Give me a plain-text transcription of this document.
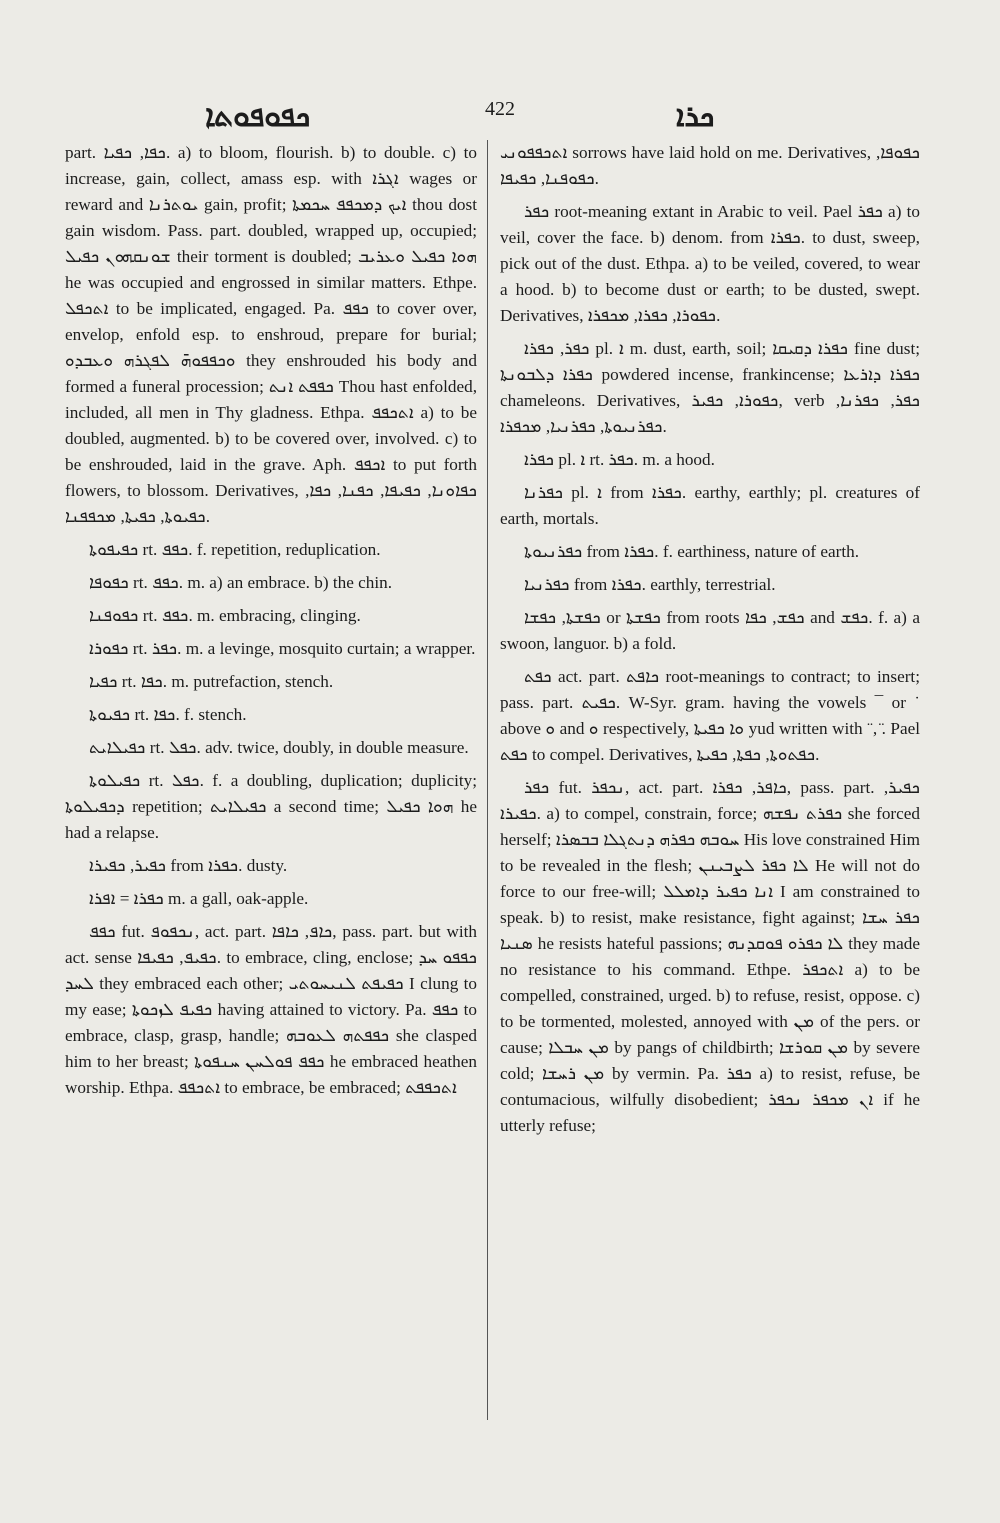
ܟܦܘܦܘܬܐ	422	ܟܪܐ

part. ܟܦܐ, ܟܦܝܐ. a) to bloom, flourish. b) to double. c) to increase, gain, collect, amass esp. with ܐܓܪܐ wages or reward and ܝܘܬܪܢܐ gain, profit; ܐܝܟ ܕܡܟܦܦ ܚܟܡܬܐ thou dost gain wisdom. Pass. part. doubled, wrapped up, occupied; ܫܘܢܩܗܘܢ ܟܦܝܠ their torment is doubled; ܗܘܐ ܟܦܝܠ ܘܥܪܝܒ he was occupied and engrossed in similar matters. Ethpe. ܐܬܟܦܠ to be implicated, engaged. Pa. ܟܦܦ to cover over, envelop, enfold esp. to enshroud, prepare for burial; ܘܟܦܦܘܗ̄ ܠܦܓܪܗ ܘܥܒܕܘ they enshrouded his body and formed a funeral procession; ܟܦܦܬ ܐܢܬ Thou hast enfolded, included, all men in Thy gladness. Ethpa. ܐܬܟܦܦ a) to be doubled, augmented. b) to be covered over, involved. c) to be enshrouded, laid in the grave. Aph. ܐܟܦܦ to put forth flowers, to blossom. Derivatives, ܟܦܐܘܢܐ, ܟܦܝܦܐ, ܟܦܢܐ, ܟܦܐ, ܟܦܝܘܬܐ, ܟܦܝܬܐ, ܡܟܦܦܢܐ.

ܟܦܝܦܘܬܐ rt. ܟܦܦ. f. repetition, reduplication.

ܟܦܘܦܐ rt. ܟܦܦ. m. a) an embrace. b) the chin.

ܟܦܘܦܢܐ rt. ܟܦܦ. m. embracing, clinging.

ܟܦܘܪܐ rt. ܟܦܪ. m. a levinge, mosquito curtain; a wrapper.

ܟܦܝܐ rt. ܟܦܐ. m. putrefaction, stench.

ܟܦܝܘܬܐ rt. ܟܦܐ. f. stench.

ܟܦܝܠܐܝܬ rt. ܟܦܠ. adv. twice, doubly, in double measure.

ܟܦܝܠܘܬܐ rt. ܟܦܠ. f. a doubling, duplication; duplicity; ܕܟܦܝܠܘܬܐ repetition; ܟܦܝܠܐܝܬ a second time; ܗܘܐ ܟܦܝܠ he had a relapse.

ܟܦܝܪ, ܟܦܝܪܐ from ܟܦܪܐ. dusty.

ܟܦܪܐ = ܐܦܪܐ m. a gall, oak-apple.

ܟܦܦ fut. ܢܟܦܘܦ, act. part. ܟܐܦ, ܟܐܦܐ, pass. part. but with act. sense ܟܦܝܦ, ܟܦܝܦܐ. to embrace, cling, enclose; ܟܦܦܘ ܚܕ ܠܚܕ they embraced each other; ܟܦܝܦܬ ܠܢܝܚܘܬܝ I clung to my ease; ܟܦܝܦ ܠܙܟܘܬܐ having attained to victory. Pa. ܟܦܦ to embrace, clasp, grasp, handle; ܟܦܦܬܗ ܠܥܘܒܗ she clasped him to her breast; ܟܦܦ ܦܘܠܚܢ ܚܢܦܘܬܐ he embraced heathen worship. Ethpa. ܐܬܟܦܦ to embrace, be embraced; ܐܬܟܦܦܬ

ܐܬܟܦܦܘܢܝ sorrows have laid hold on me. Derivatives, ܟܦܘܦܐ, ܟܦܘܦܢܐ, ܟܦܝܦܐ.

ܟܦܪ root-meaning extant in Arabic to veil. Pael ܟܦܪ a) to veil, cover the face. b) denom. from ܟܦܪܐ. to dust, sweep, pick out of the dust. Ethpa. a) to be veiled, covered, to wear a hood. b) to become dust or earth; to be dusted, swept. Derivatives, ܟܦܘܪܐ, ܟܦܪܐ, ܡܟܦܪܐ.

ܟܦܪ, ܟܦܪܐ pl. ܐ m. dust, earth, soil; ܟܦܪܐ ܕܩܝܩܐ fine dust; ܟܦܪܐ ܕܠܒܘܢܬܐ powdered incense, frankincense; ܟܦܪܐ ܕܐܪܥܐ chameleons. Derivatives, ܟܦܘܪܐ, ܟܦܝܪ, verb ܟܦܪ, ܟܦܪܢܐ, ܟܦܪܢܝܘܬܐ, ܟܦܪܢܝܐ, ܡܟܦܪܐ.

ܟܦܪܐ pl. ܐ rt. ܟܦܪ. m. a hood.

ܟܦܪܢܐ pl. ܐ from ܟܦܪܐ. earthy, earthly; pl. creatures of earth, mortals.

ܟܦܪܢܝܘܬܐ from ܟܦܪܐ. f. earthiness, nature of earth.

ܟܦܪܢܝܐ from ܟܦܪܐ. earthly, terrestrial.

ܟܦܫܬܐ, ܟܦܫܐ or ܟܦܫܬܐ from roots ܟܦܫ, ܟܦܐ and ܟܦܫ. f. a) a swoon, languor. b) a fold.

ܟܦܬ act. part. ܟܐܦܬ root-meanings to contract; to insert; pass. part. ܟܦܝܬ. W-Syr. gram. having the vowels ¯ or ˙ above ܘ and ܘ respectively, ܘܐ ܟܦܝܬܐ yud written with ¨, ̈. Pael ܟܦܬ to compel. Derivatives, ܟܦܬܘܬܐ, ܟܦܬܐ, ܟܦܝܬܐ.

ܟܦܪ fut. ܢܟܦܪ, act. part. ܟܐܦܪ, ܟܦܪܐ, pass. part. ܟܦܝܪ, ܟܦܝܪܐ. a) to compel, constrain, force; ܟܦܪܬ ܢܦܫܗ she forced herself; ܚܘܒܗ ܟܦܪܗ ܕܢܬܓܠܐ ܒܒܣܪܐ His love constrained Him to be revealed in the flesh; ܠܐ ܟܦܪ ܠܨܒܝܢܢ He will not do force to our free-will; ܐܢܐ ܟܦܝܪ ܕܐܡܠܠ I am constrained to speak. b) to resist, make resistance, fight against; ܟܦܪ ܚܫܐ ܣܢܝܐ he resists hateful passions; ܠܐ ܟܦܪܘ ܦܘܩܕܢܗ they made no resistance to his command. Ethpe. ܐܬܟܦܪ a) to be compelled, constrained, urged. b) to refuse, resist, oppose. c) to be tormented, molested, annoyed with ܡܢ of the pers. or cause; ܡܢ ܚܒܠܐ by pangs of childbirth; ܡܢ ܩܘܪܫܐ by severe cold; ܡܢ ܪܚܫܐ by vermin. Pa. ܟܦܪ a) to resist, refuse, be contumacious, wilfully disobedient; ܐܢ ܡܟܦܪ ܢܟܦܪ if he utterly refuse;
